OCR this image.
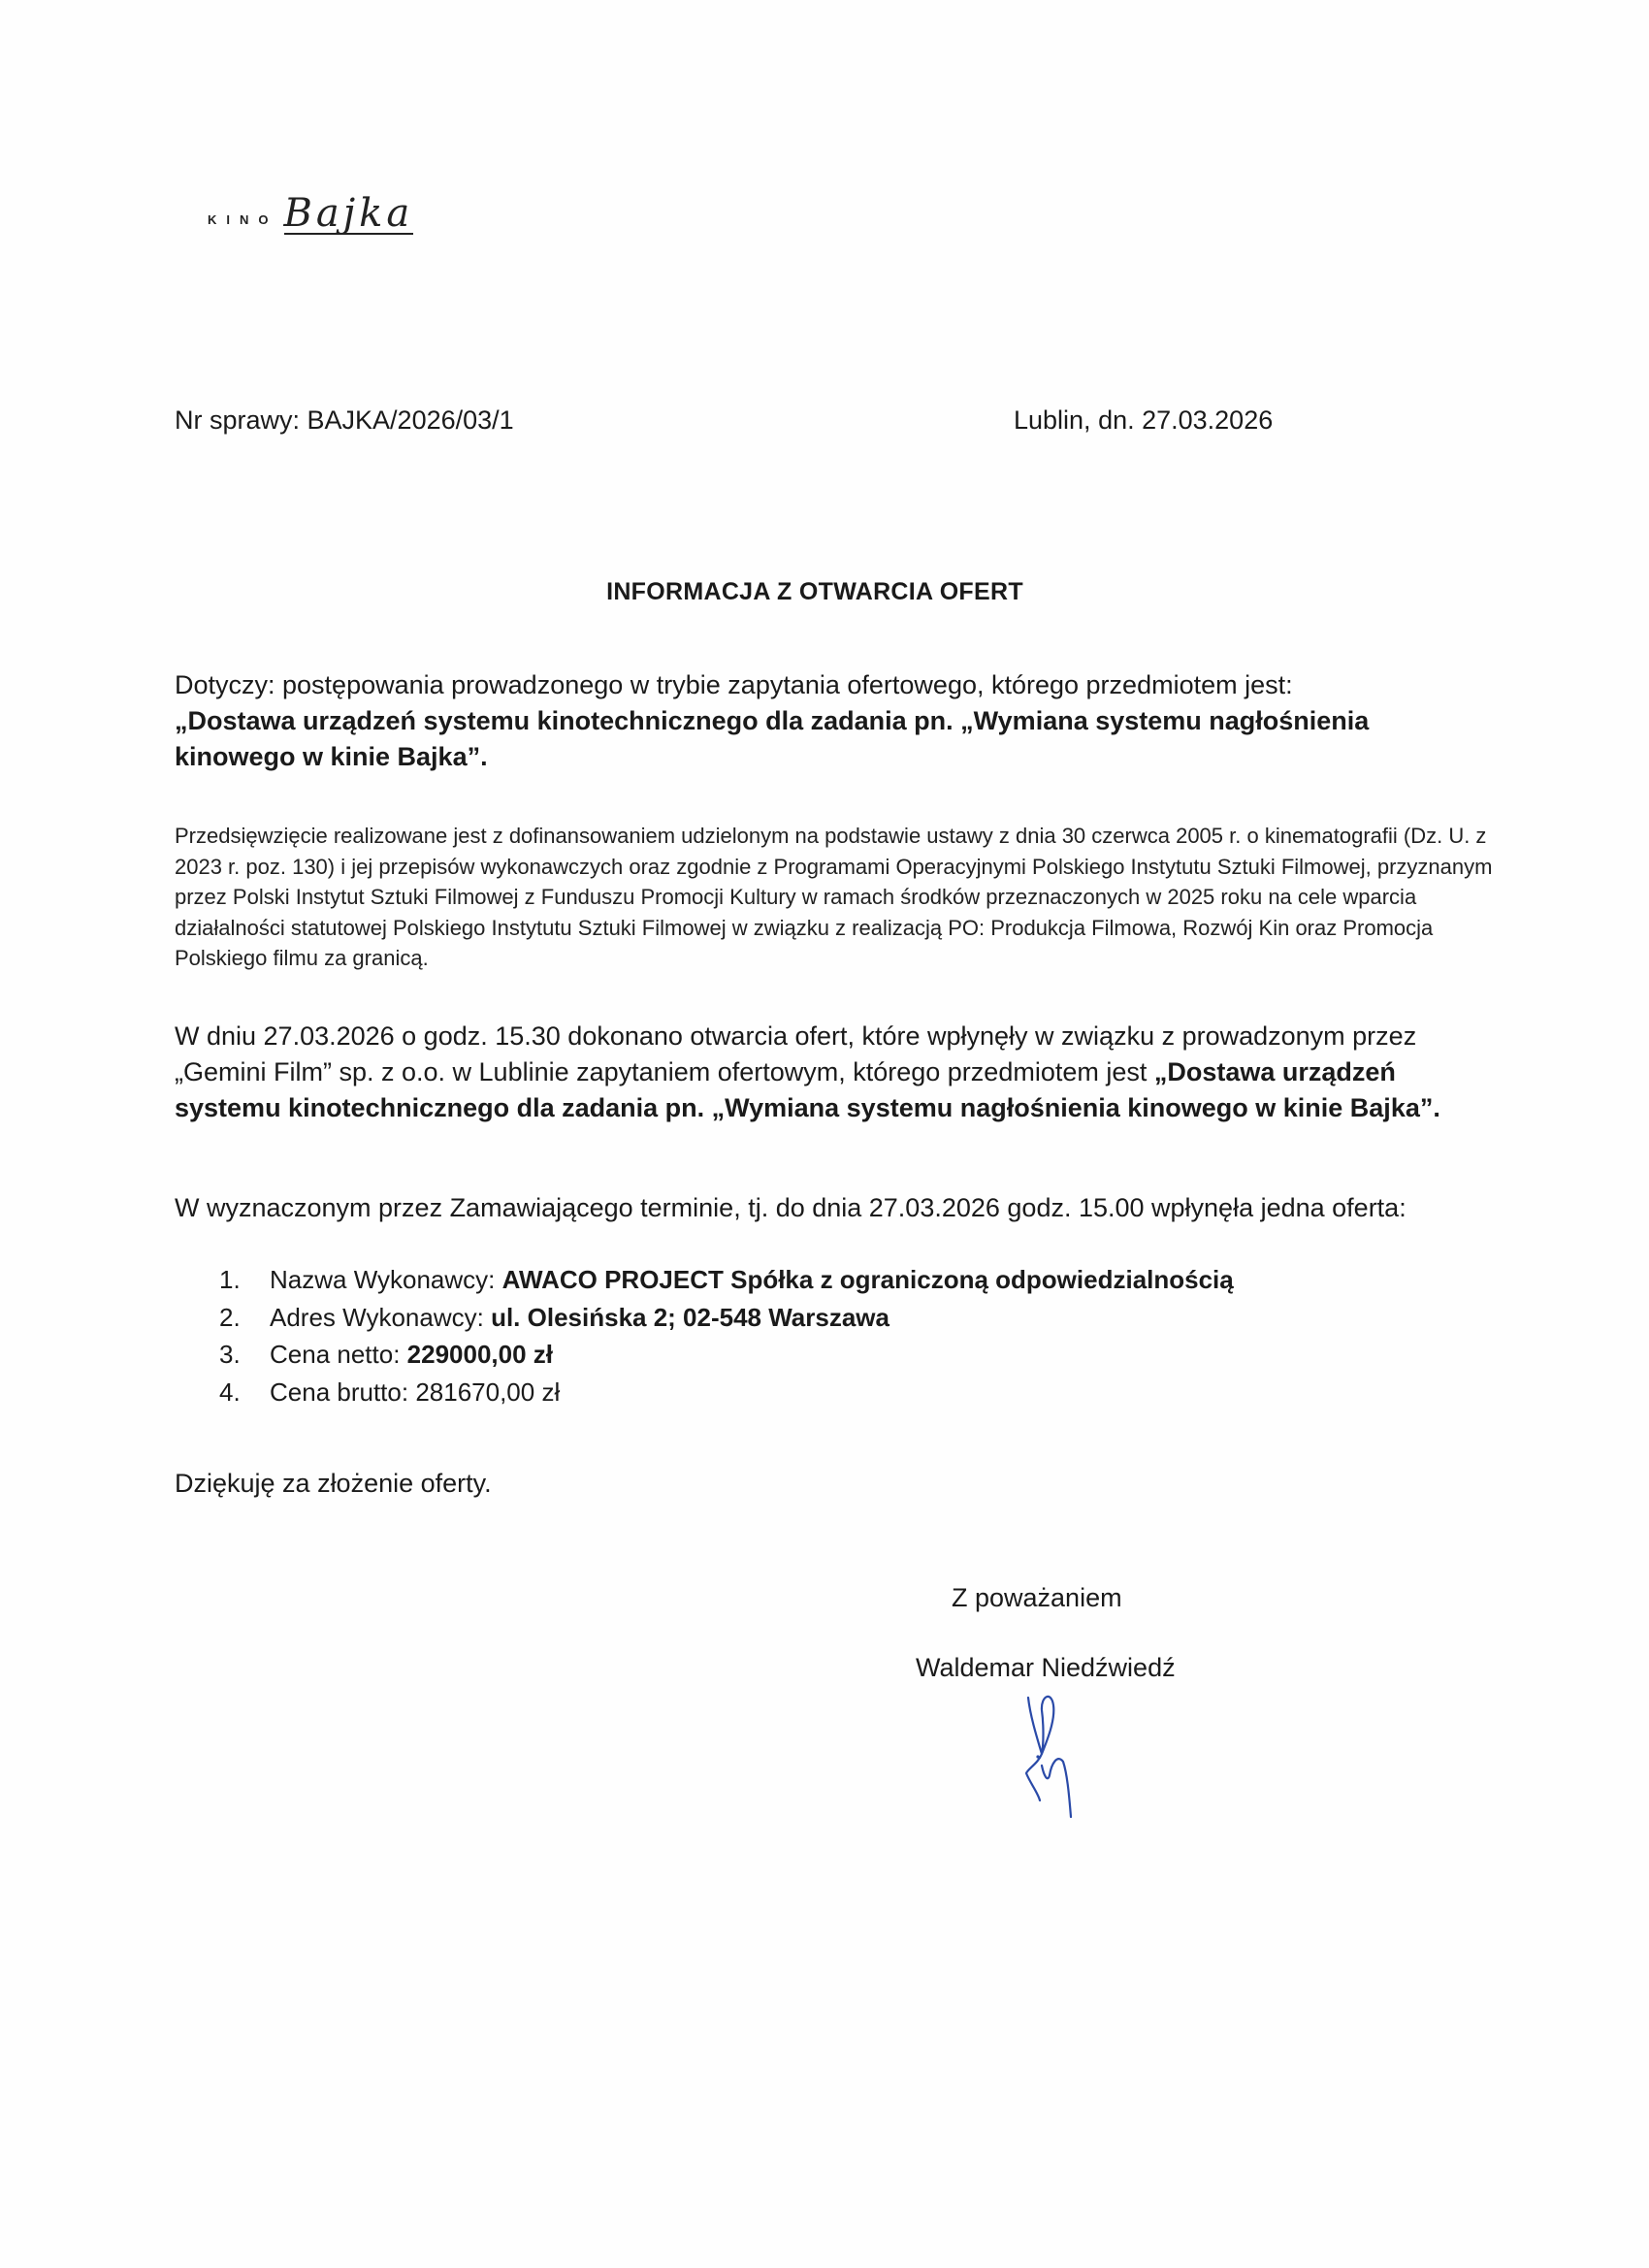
KINO Bajka
Nr sprawy: BAJKA/2026/03/1	Lublin, dn. 27.03.2026
INFORMACJA Z OTWARCIA OFERT
Dotyczy: postępowania prowadzonego w trybie zapytania ofertowego, którego przedmiotem jest:
„Dostawa urządzeń systemu kinotechnicznego dla zadania pn. „Wymiana systemu nagłośnienia kinowego w kinie Bajka”.
Przedsięwzięcie realizowane jest z dofinansowaniem udzielonym na podstawie ustawy z dnia 30 czerwca 2005 r. o kinematografii (Dz. U. z 2023 r. poz. 130) i jej przepisów wykonawczych oraz zgodnie z Programami Operacyjnymi Polskiego Instytutu Sztuki Filmowej, przyznanym przez Polski Instytut Sztuki Filmowej z Funduszu Promocji Kultury w ramach środków przeznaczonych w 2025 roku na cele wparcia działalności statutowej Polskiego Instytutu Sztuki Filmowej w związku z realizacją PO: Produkcja Filmowa, Rozwój Kin oraz Promocja Polskiego filmu za granicą.
W dniu 27.03.2026 o godz. 15.30 dokonano otwarcia ofert, które wpłynęły w związku z prowadzonym przez „Gemini Film” sp. z o.o. w Lublinie zapytaniem ofertowym, którego przedmiotem jest „Dostawa urządzeń systemu kinotechnicznego dla zadania pn. „Wymiana systemu nagłośnienia kinowego w kinie Bajka”.
W wyznaczonym przez Zamawiającego terminie, tj. do dnia 27.03.2026 godz. 15.00 wpłynęła jedna oferta:
1.	Nazwa Wykonawcy:
AWACO PROJECT Spółka z ograniczoną odpowiedzialnością
2.	Adres Wykonawcy:
ul. Olesińska 2; 02-548 Warszawa
3.	Cena netto:
229000,00 zł
4.	Cena brutto:
281670,00 zł
Dziękuję za złożenie oferty.
Z poważaniem
Waldemar Niedźwiedź
